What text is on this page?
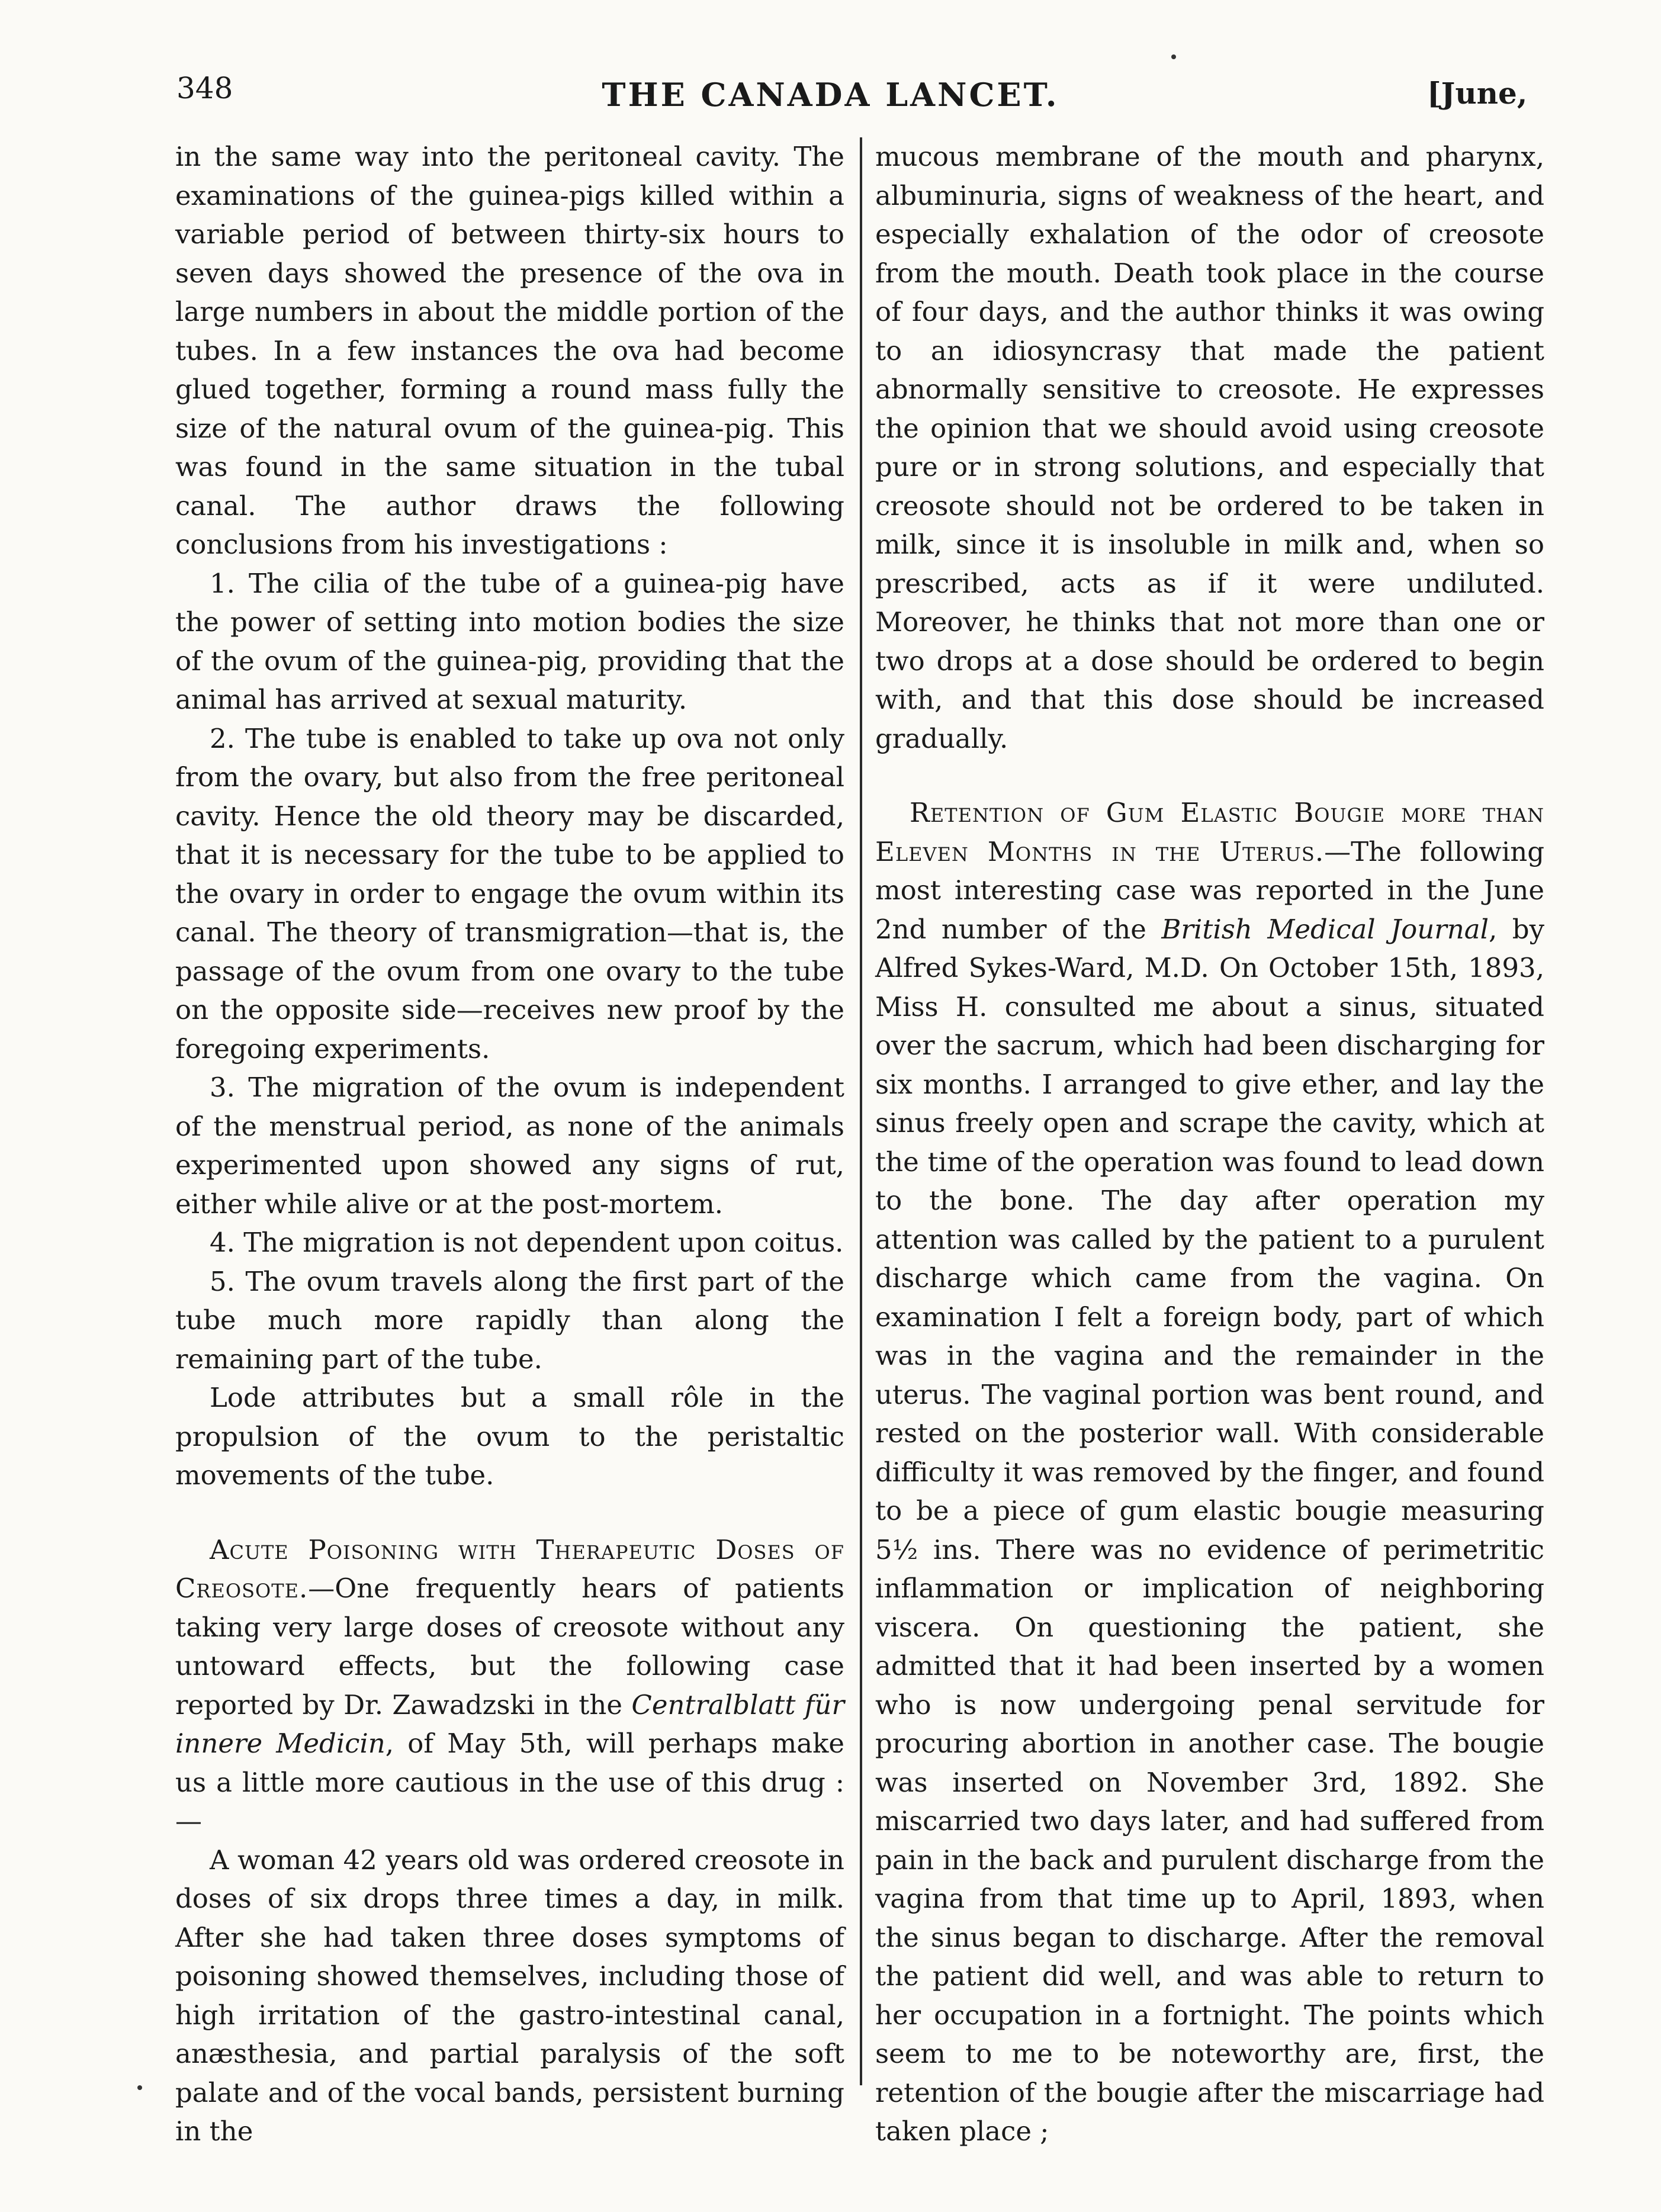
348	THE CANADA LANCET.	[June,

in the same way into the peritoneal cavity. The examinations of the guinea-pigs killed within a variable period of between thirty-six hours to seven days showed the presence of the ova in large numbers in about the middle portion of the tubes. In a few instances the ova had become glued together, forming a round mass fully the size of the natural ovum of the guinea-pig. This was found in the same situation in the tubal canal. The author draws the following conclusions from his investigations :

1. The cilia of the tube of a guinea-pig have the power of setting into motion bodies the size of the ovum of the guinea-pig, providing that the animal has arrived at sexual maturity.

2. The tube is enabled to take up ova not only from the ovary, but also from the free peritoneal cavity. Hence the old theory may be discarded, that it is necessary for the tube to be applied to the ovary in order to engage the ovum within its canal. The theory of transmigration—that is, the passage of the ovum from one ovary to the tube on the opposite side—receives new proof by the foregoing experiments.

3. The migration of the ovum is independent of the menstrual period, as none of the animals experimented upon showed any signs of rut, either while alive or at the post-mortem.

4. The migration is not dependent upon coitus.

5. The ovum travels along the first part of the tube much more rapidly than along the remaining part of the tube.

Lode attributes but a small rôle in the propulsion of the ovum to the peristaltic movements of the tube.

Acute Poisoning with Therapeutic Doses of Creosote.—One frequently hears of patients taking very large doses of creosote without any untoward effects, but the following case reported by Dr. Zawadzski in the Centralblatt für innere Medicin, of May 5th, will perhaps make us a little more cautious in the use of this drug :—

A woman 42 years old was ordered creosote in doses of six drops three times a day, in milk. After she had taken three doses symptoms of poisoning showed themselves, including those of high irritation of the gastro-intestinal canal, anæsthesia, and partial paralysis of the soft palate and of the vocal bands, persistent burning in the

mucous membrane of the mouth and pharynx, albuminuria, signs of weakness of the heart, and especially exhalation of the odor of creosote from the mouth. Death took place in the course of four days, and the author thinks it was owing to an idiosyncrasy that made the patient abnormally sensitive to creosote. He expresses the opinion that we should avoid using creosote pure or in strong solutions, and especially that creosote should not be ordered to be taken in milk, since it is insoluble in milk and, when so prescribed, acts as if it were undiluted. Moreover, he thinks that not more than one or two drops at a dose should be ordered to begin with, and that this dose should be increased gradually.

Retention of Gum Elastic Bougie more than Eleven Months in the Uterus.—The following most interesting case was reported in the June 2nd number of the British Medical Journal, by Alfred Sykes-Ward, M.D. On October 15th, 1893, Miss H. consulted me about a sinus, situated over the sacrum, which had been discharging for six months. I arranged to give ether, and lay the sinus freely open and scrape the cavity, which at the time of the operation was found to lead down to the bone. The day after operation my attention was called by the patient to a purulent discharge which came from the vagina. On examination I felt a foreign body, part of which was in the vagina and the remainder in the uterus. The vaginal portion was bent round, and rested on the posterior wall. With considerable difficulty it was removed by the finger, and found to be a piece of gum elastic bougie measuring 5½ ins. There was no evidence of perimetritic inflammation or implication of neighboring viscera. On questioning the patient, she admitted that it had been inserted by a women who is now undergoing penal servitude for procuring abortion in another case. The bougie was inserted on November 3rd, 1892. She miscarried two days later, and had suffered from pain in the back and purulent discharge from the vagina from that time up to April, 1893, when the sinus began to discharge. After the removal the patient did well, and was able to return to her occupation in a fortnight. The points which seem to me to be noteworthy are, first, the retention of the bougie after the miscarriage had taken place ;
